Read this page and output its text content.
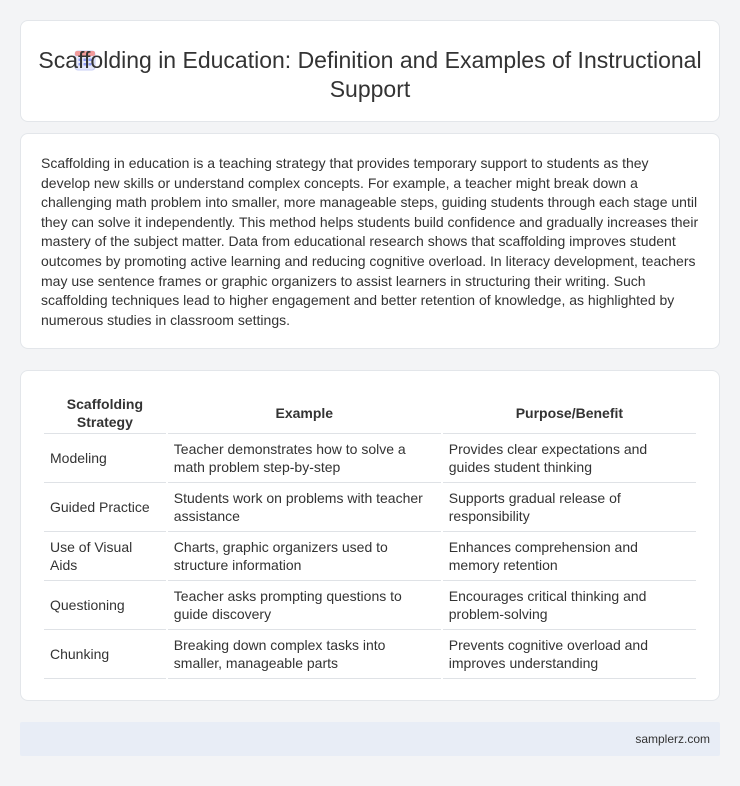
Scaffolding in Education: Definition and Examples of Instructional Support

Scaffolding in education is a teaching strategy that provides temporary support to students as they develop new skills or understand complex concepts. For example, a teacher might break down a challenging math problem into smaller, more manageable steps, guiding students through each stage until they can solve it independently. This method helps students build confidence and gradually increases their mastery of the subject matter. Data from educational research shows that scaffolding improves student outcomes by promoting active learning and reducing cognitive overload. In literacy development, teachers may use sentence frames or graphic organizers to assist learners in structuring their writing. Such scaffolding techniques lead to higher engagement and better retention of knowledge, as highlighted by numerous studies in classroom settings.

Scaffolding Strategy	Example	Purpose/Benefit
Modeling	Teacher demonstrates how to solve a math problem step-by-step	Provides clear expectations and guides student thinking
Guided Practice	Students work on problems with teacher assistance	Supports gradual release of responsibility
Use of Visual Aids	Charts, graphic organizers used to structure information	Enhances comprehension and memory retention
Questioning	Teacher asks prompting questions to guide discovery	Encourages critical thinking and problem-solving
Chunking	Breaking down complex tasks into smaller, manageable parts	Prevents cognitive overload and improves understanding
samplerz.com
